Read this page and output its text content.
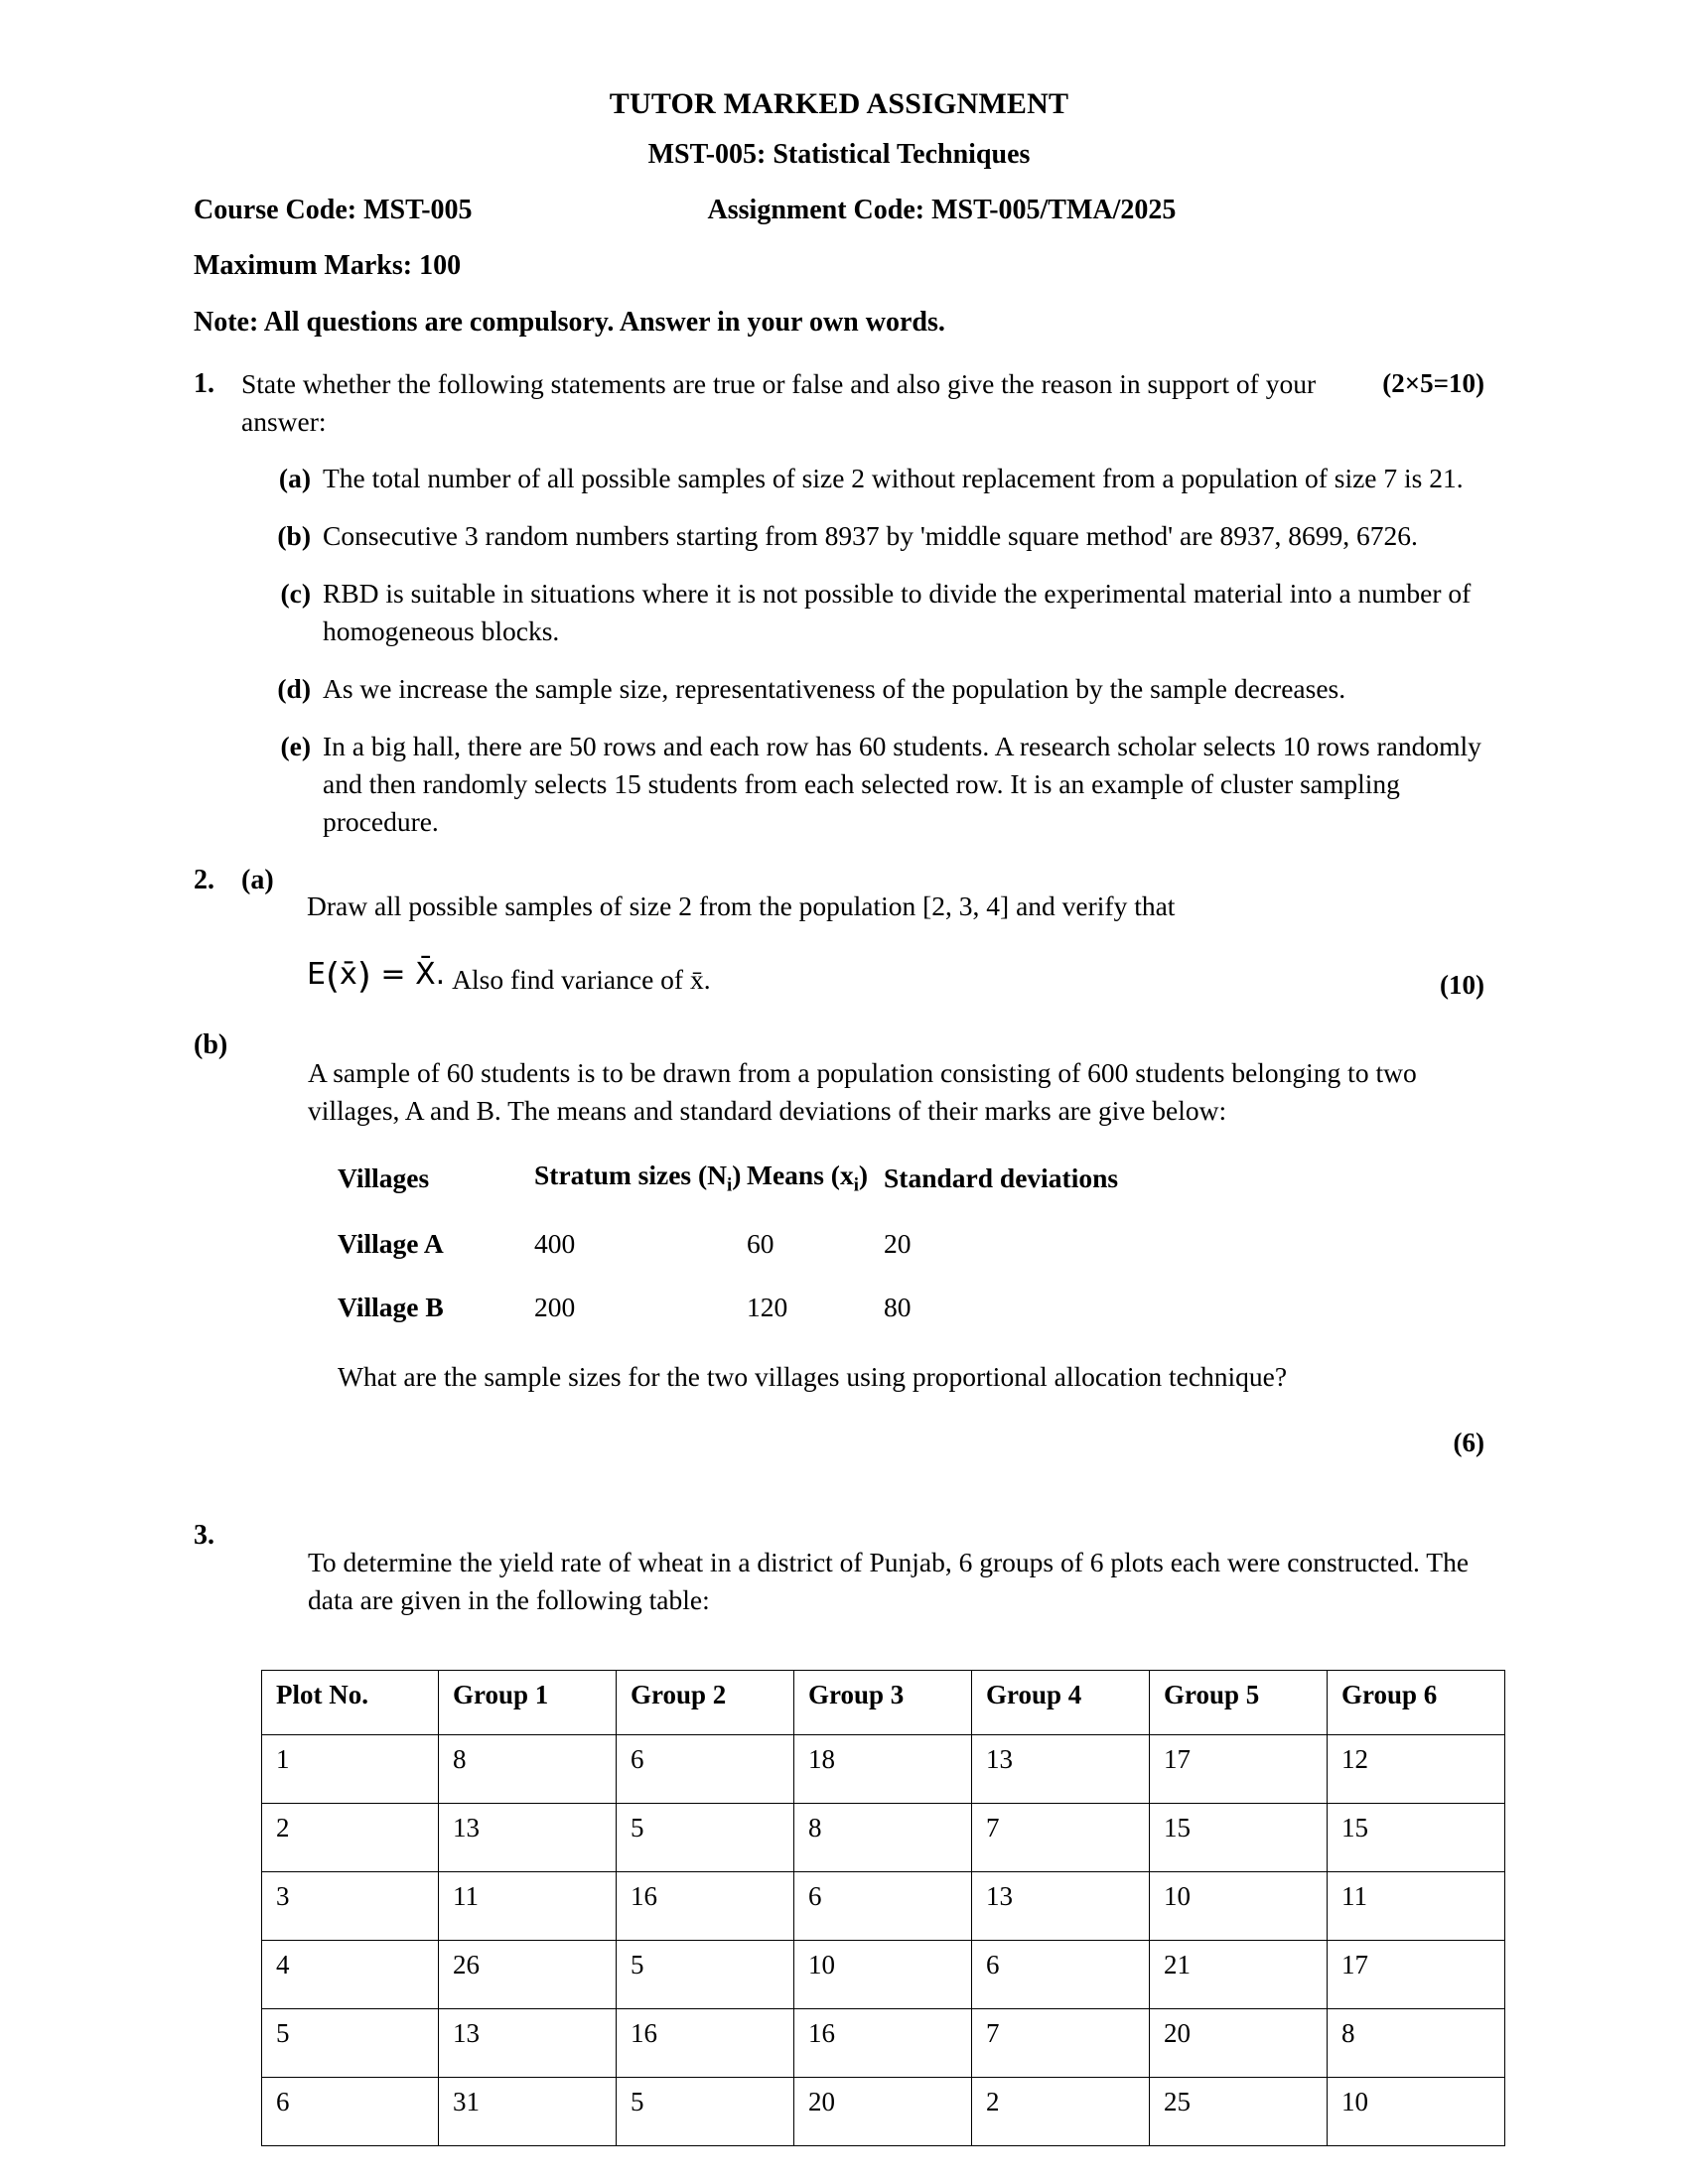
TUTOR MARKED ASSIGNMENT
MST-005: Statistical Techniques
Course Code: MST-005	Assignment Code: MST-005/TMA/2025
Maximum Marks: 100
Note: All questions are compulsory. Answer in your own words.
1.	(2×5=10)
State whether the following statements are true or false and also give the reason in support of your answer:

(a) The total number of all possible samples of size 2 without replacement from a population of size 7 is 21.
(b) Consecutive 3 random numbers starting from 8937 by 'middle square method' are 8937, 8699, 6726.
(c) RBD is suitable in situations where it is not possible to divide the experimental material into a number of homogeneous blocks.
(d) As we increase the sample size, representativeness of the population by the sample decreases.
(e) In a big hall, there are 50 rows and each row has 60 students. A research scholar selects 10 rows randomly and then randomly selects 15 students from each selected row. It is an example of cluster sampling procedure.
2. (a)

Draw all possible samples of size 2 from the population [2, 3, 4] and verify that

E(x̄) = X̄. Also find variance of x̄.	(10)
(b)

A sample of 60 students is to be drawn from a population consisting of 600 students belonging to two villages, A and B. The means and standard deviations of their marks are give below:

Villages	Stratum sizes $(N_i)$	Means $(x_i)$	Standard deviations
Village A	400	60	20
Village B	200	120	80

What are the sample sizes for the two villages using proportional allocation technique?

(6)

3.

To determine the yield rate of wheat in a district of Punjab, 6 groups of 6 plots each were constructed. The data are given in the following table:

Plot No.	Group 1	Group 2	Group 3	Group 4	Group 5	Group 6
1	8	6	18	13	17	12
2	13	5	8	7	15	15
3	11	16	6	13	10	11
4	26	5	10	6	21	17
5	13	16	16	7	20	8
6	31	5	20	2	25	10
